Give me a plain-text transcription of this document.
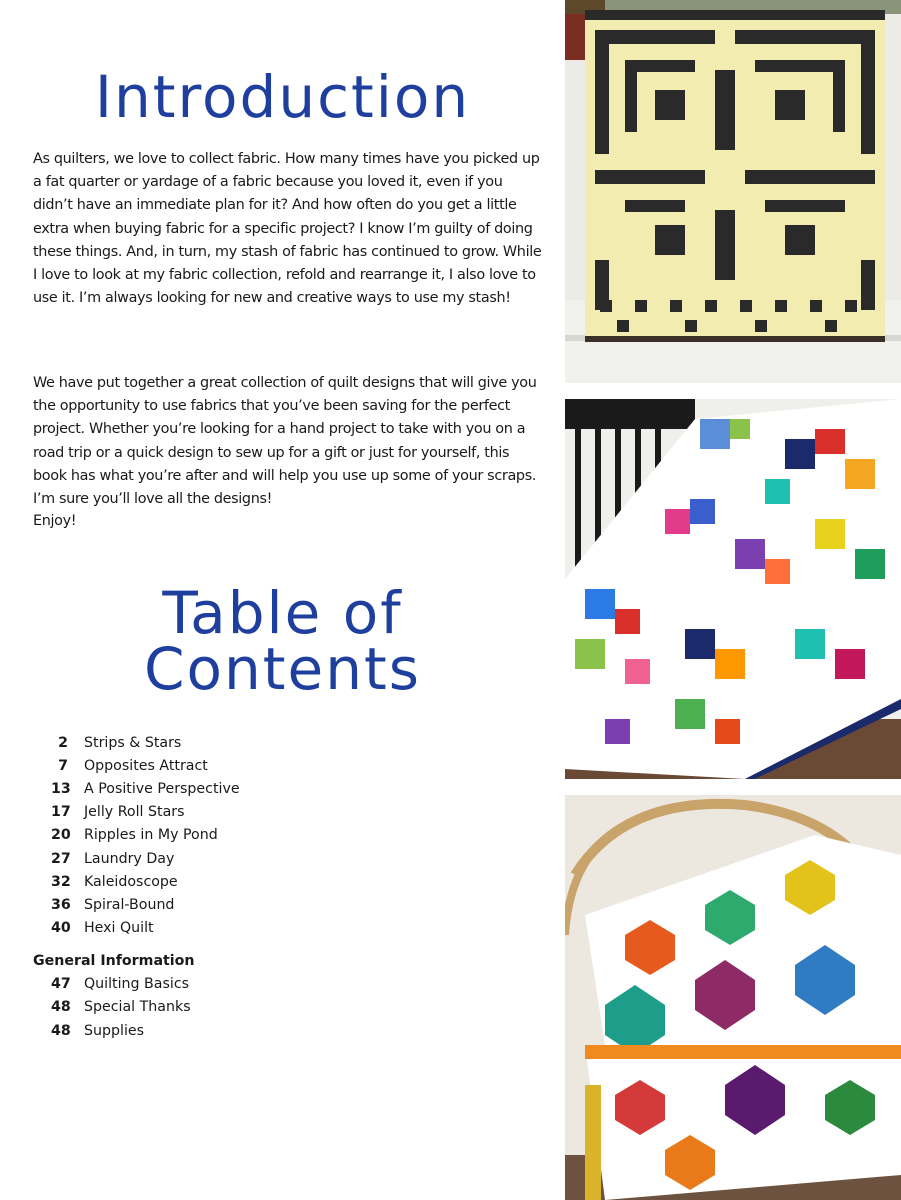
Introduction

As quilters, we love to collect fabric. How many times have you picked up a fat quarter or yardage of a fabric because you loved it, even if you didn’t have an immediate plan for it? And how often do you get a little extra when buying fabric for a specific project? I know I’m guilty of doing these things. And, in turn, my stash of fabric has continued to grow. While I love to look at my fabric collection, refold and rearrange it, I also love to use it. I’m always looking for new and creative ways to use my stash!

We have put together a great collection of quilt designs that will give you the opportunity to use fabrics that you’ve been saving for the perfect project. Whether you’re looking for a hand project to take with you on a road trip or a quick design to sew up for a gift or just for yourself, this book has what you’re after and will help you use up some of your scraps. I’m sure you’ll love all the designs!

Enjoy!

Table of
Contents
2 Strips & Stars
7 Opposites Attract
13 A Positive Perspective
17 Jelly Roll Stars
20 Ripples in My Pond
27 Laundry Day
32 Kaleidoscope
36 Spiral-Bound
40 Hexi Quilt
General Information
47 Quilting Basics
48 Special Thanks
48 Supplies
